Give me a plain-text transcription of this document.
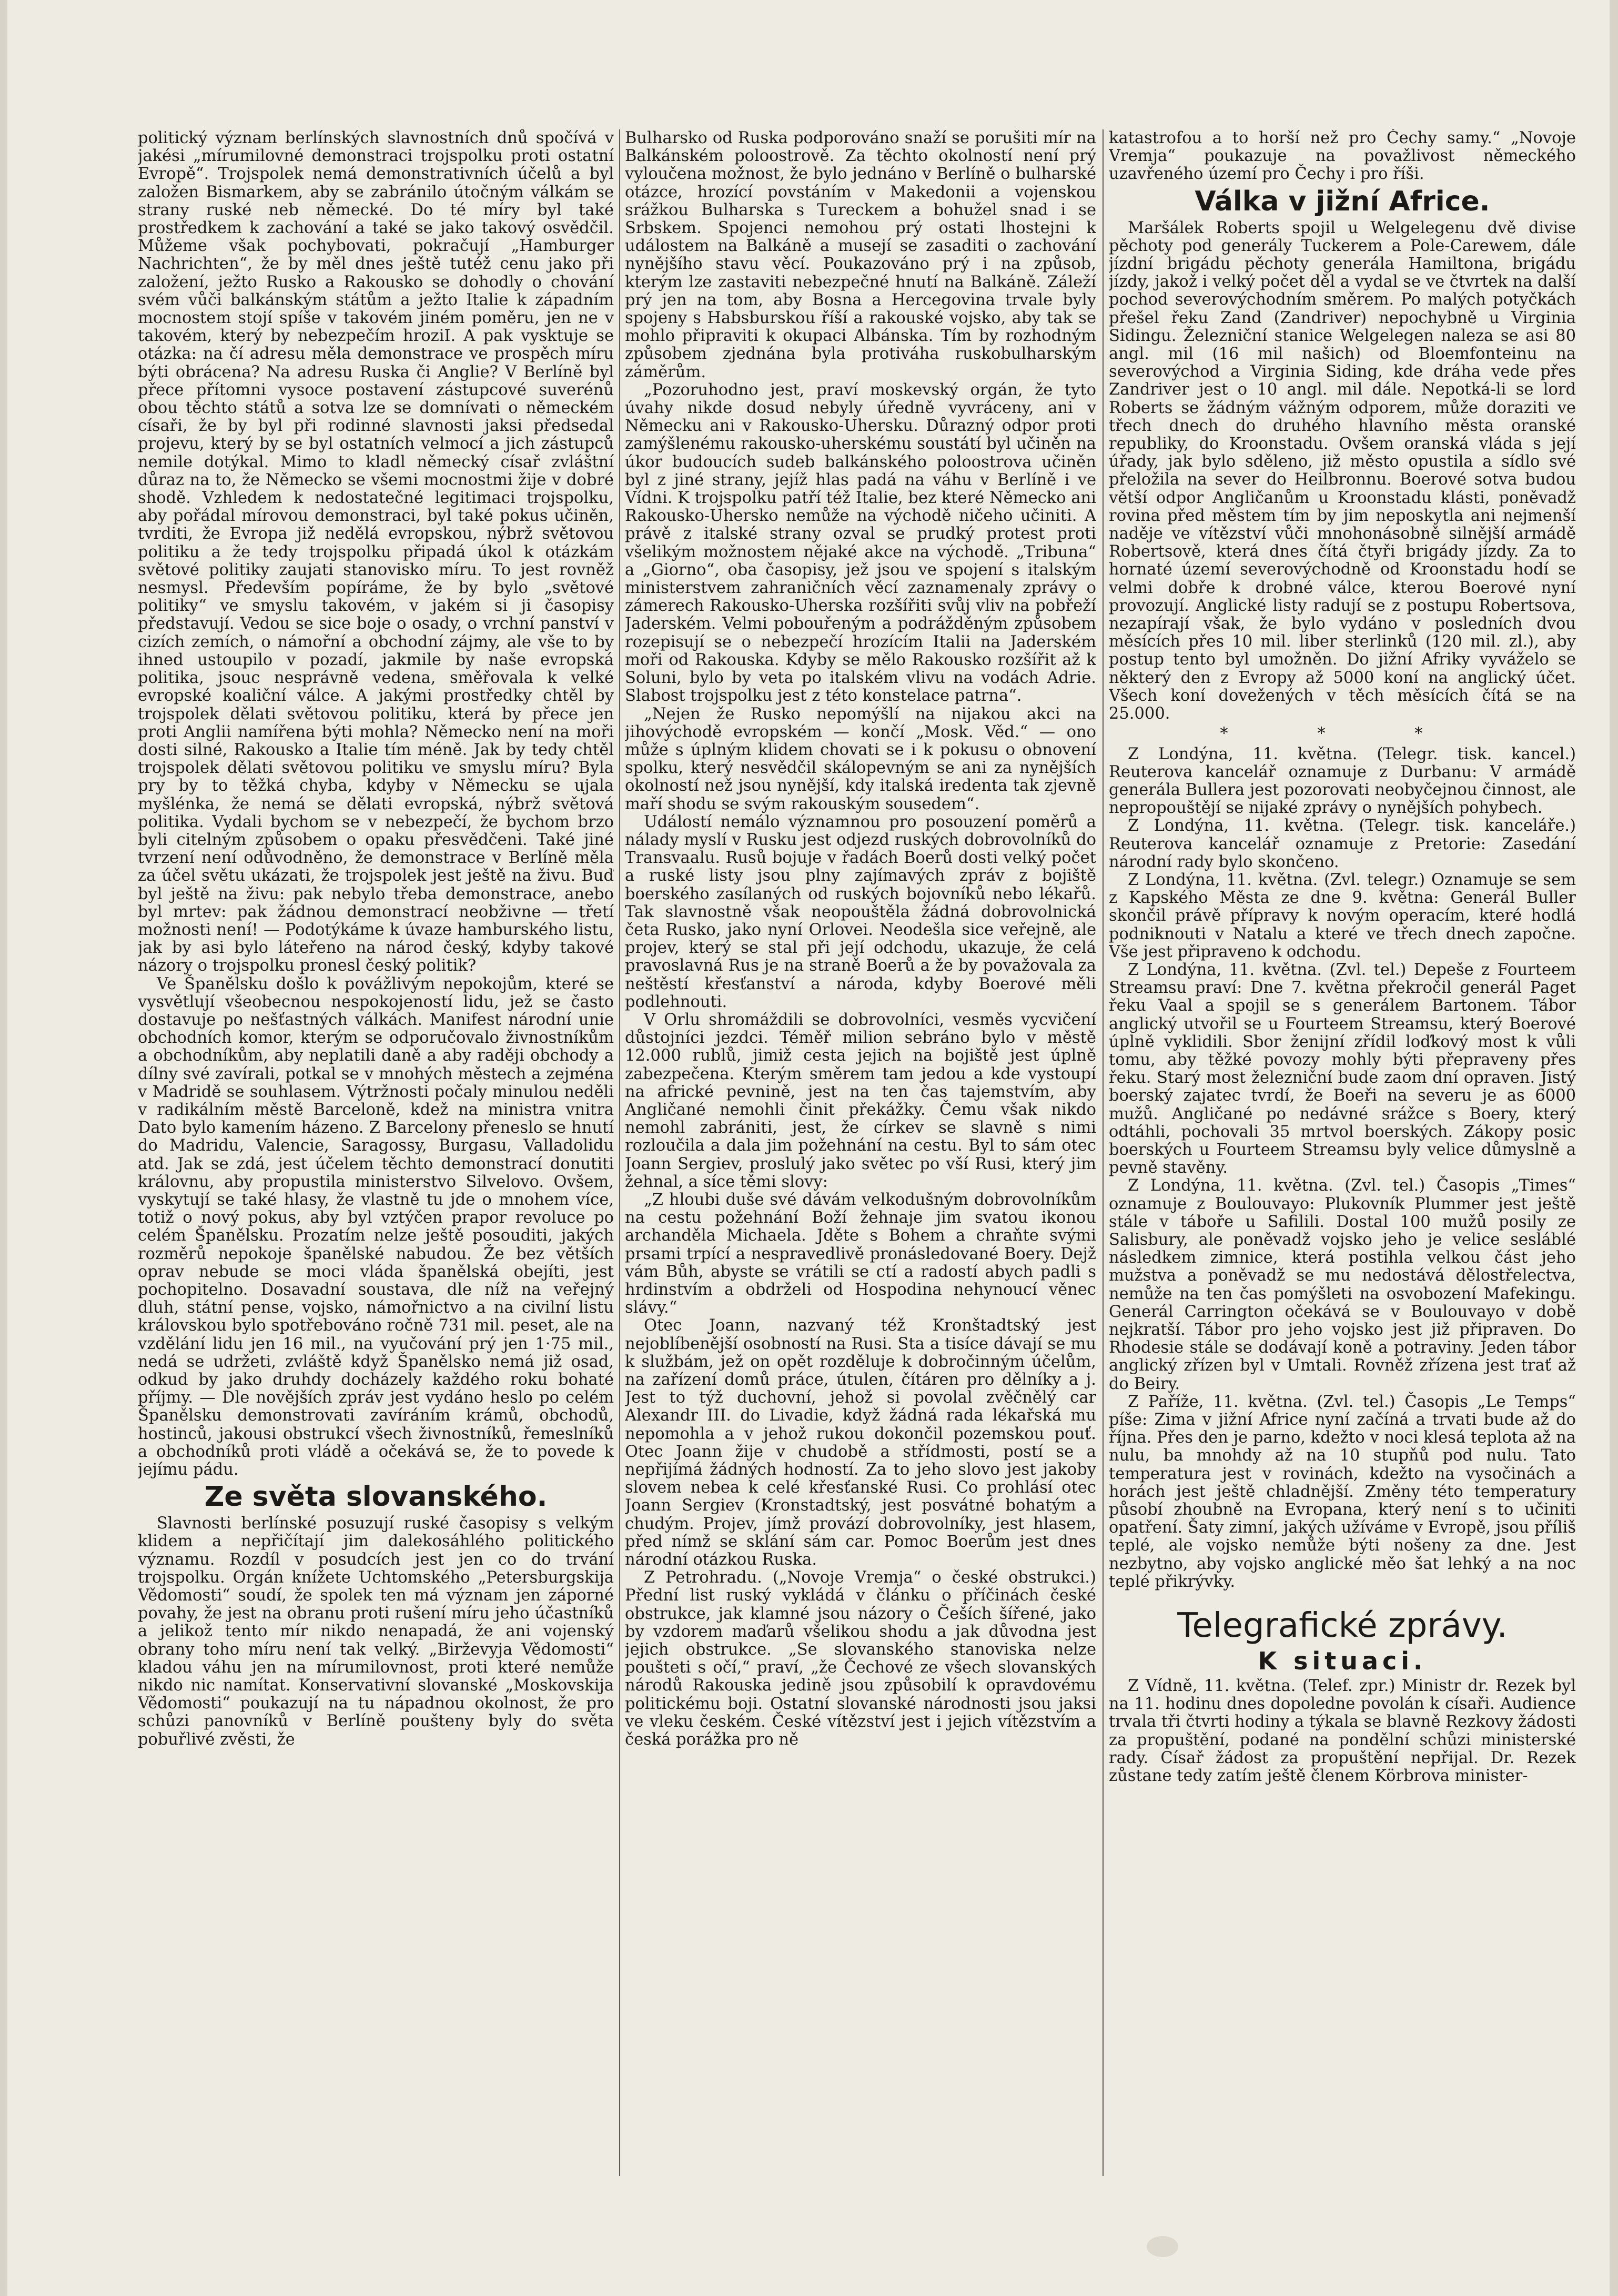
politický význam berlínských slavnostních dnů spočívá v jakési „mírumilovné demonstraci trojspolku proti ostatní Evropě“. Trojspolek nemá demonstrativních účelů a byl založen Bismarkem, aby se zabránilo útočným válkám se strany ruské neb německé. Do té míry byl také prostředkem k zachování a také se jako takový osvědčil. Můžeme však pochybovati, pokračují „Hamburger Nachrichten“, že by měl dnes ještě tutéž cenu jako při založení, ježto Rusko a Rakousko se dohodly o chování svém vůči balkánským státům a ježto Italie k západním mocnostem stojí spíše v takovém jiném poměru, jen ne v takovém, který by nebezpečím hroziI. A pak vysktuje se otázka: na čí adresu měla demonstrace ve prospěch míru býti obrácena? Na adresu Ruska či Anglie? V Berlíně byl přece přítomni vysoce postavení zástupcové suverénů obou těchto států a sotva lze se domnívati o německém císaři, že by byl při rodinné slavnosti jaksi předsedal projevu, který by se byl ostatních velmocí a jich zástupců nemile dotýkal. Mimo to kladl německý císař zvláštní důraz na to, že Německo se všemi mocnostmi žije v dobré shodě. Vzhledem k nedostatečné legitimaci trojspolku, aby pořádal mírovou demonstraci, byl také pokus učiněn, tvrditi, že Evropa již nedělá evropskou, nýbrž světovou politiku a že tedy trojspolku připadá úkol k otázkám světové politiky zaujati stanovisko míru. To jest rovněž nesmysl. Především popíráme, že by bylo „světové politiky“ ve smyslu takovém, v jakém si ji časopisy představují. Vedou se sice boje o osady, o vrchní panství v cizích zemích, o námořní a obchodní zájmy, ale vše to by ihned ustoupilo v pozadí, jakmile by naše evropská politika, jsouc nesprávně vedena, směřovala k velké evropské koaliční válce. A jakými prostředky chtěl by trojspolek dělati světovou politiku, která by přece jen proti Anglii namířena býti mohla? Německo není na moři dosti silné, Rakousko a Italie tím méně. Jak by tedy chtěl trojspolek dělati světovou politiku ve smyslu míru? Byla pry by to těžká chyba, kdyby v Německu se ujala myšlénka, že nemá se dělati evropská, nýbrž světová politika. Vydali bychom se v nebezpečí, že bychom brzo byli citelným způsobem o opaku přesvědčeni. Také jiné tvrzení není odůvodněno, že demonstrace v Berlíně měla za účel světu ukázati, že trojspolek jest ještě na živu. Buď byl ještě na živu: pak nebylo třeba demonstrace, anebo byl mrtev: pak žádnou demonstrací neobživne — třetí možnosti není! — Podotýkáme k úvaze hamburského listu, jak by asi bylo láteřeno na národ český, kdyby takové názory o trojspolku pronesl český politik?

Ve Španělsku došlo k povážlivým nepokojům, které se vysvětlují všeobecnou nespokojeností lidu, jež se často dostavuje po nešťastných válkách. Manifest národní unie obchodních komor, kterým se odporučovalo živnostníkům a obchodníkům, aby neplatili daně a aby raději obchody a dílny své zavírali, potkal se v mnohých městech a zejména v Madridě se souhlasem. Výtržnosti počaly minulou neděli v radikálním městě Barceloně, kdež na ministra vnitra Dato bylo kamením házeno. Z Barcelony přeneslo se hnutí do Madridu, Valencie, Saragossy, Burgasu, Valladolidu atd. Jak se zdá, jest účelem těchto demonstrací donutiti královnu, aby propustila ministerstvo Silvelovo. Ovšem, vyskytují se také hlasy, že vlastně tu jde o mnohem více, totiž o nový pokus, aby byl vztýčen prapor revoluce po celém Španělsku. Prozatím nelze ještě posouditi, jakých rozměrů nepokoje španělské nabudou. Že bez větších oprav nebude se moci vláda španělská obejíti, jest pochopitelno. Dosavadní soustava, dle níž na veřejný dluh, státní pense, vojsko, námořnictvo a na civilní listu královskou bylo spotřebováno ročně 731 mil. peset, ale na vzdělání lidu jen 16 mil., na vyučování prý jen 1·75 mil., nedá se udržeti, zvláště když Španělsko nemá již osad, odkud by jako druhdy docházely každého roku bohaté příjmy. — Dle novějších zpráv jest vydáno heslo po celém Španělsku demonstrovati zavíráním krámů, obchodů, hostinců, jakousi obstrukcí všech živnostníků, řemeslníků a obchodníků proti vládě a očekává se, že to povede k jejímu pádu.

Ze světa slovanského.

Slavnosti berlínské posuzují ruské časopisy s velkým klidem a nepřičítají jim dalekosáhlého politického významu. Rozdíl v posudcích jest jen co do trvání trojspolku. Orgán knížete Uchtomského „Petersburgskija Vědomosti“ soudí, že spolek ten má význam jen záporné povahy, že jest na obranu proti rušení míru jeho účastníků a jelikož tento mír nikdo nenapadá, že ani vojenský obrany toho míru není tak velký. „Birževyja Vědomosti“ kladou váhu jen na mírumilovnost, proti které nemůže nikdo nic namítat. Konservativní slovanské „Moskovskija Vědomosti“ poukazují na tu nápadnou okolnost, že pro schůzi panovníků v Berlíně poušteny byly do světa pobuřlivé zvěsti, že

Bulharsko od Ruska podporováno snaží se porušiti mír na Balkánském poloostrově. Za těchto okolností není prý vyloučena možnost, že bylo jednáno v Berlíně o bulharské otázce, hrozící povstáním v Makedonii a vojenskou srážkou Bulharska s Tureckem a bohužel snad i se Srbskem. Spojenci nemohou prý ostati lhostejni k událostem na Balkáně a musejí se zasaditi o zachování nynějšího stavu věcí. Poukazováno prý i na způsob, kterým lze zastaviti nebezpečné hnutí na Balkáně. Záleží prý jen na tom, aby Bosna a Hercegovina trvale byly spojeny s Habsburskou říší a rakouské vojsko, aby tak se mohlo připraviti k okupaci Albánska. Tím by rozhodným způsobem zjednána byla protiváha ruskobulharským záměrům.

„Pozoruhodno jest, praví moskevský orgán, že tyto úvahy nikde dosud nebyly úředně vyvráceny, ani v Německu ani v Rakousko-Uhersku. Důrazný odpor proti zamýšlenému rakousko-uherskému soustátí byl učiněn na úkor budoucích sudeb balkánského poloostrova učiněn byl z jiné strany, jejíž hlas padá na váhu v Berlíně i ve Vídni. K trojspolku patří též Italie, bez které Německo ani Rakousko-Uhersko nemůže na východě ničeho učiniti. A právě z italské strany ozval se prudký protest proti všelikým možnostem nějaké akce na východě. „Tribuna“ a „Giorno“, oba časopisy, jež jsou ve spojení s italským ministerstvem zahraničních věcí zaznamenaly zprávy o zámerech Rakousko-Uherska rozšířiti svůj vliv na pobřeží Jaderském. Velmi pobouřeným a podrážděným způsobem rozepisují se o nebezpečí hrozícím Italii na Jaderském moři od Rakouska. Kdyby se mělo Rakousko rozšířit až k Soluni, bylo by veta po italském vlivu na vodách Adrie. Slabost trojspolku jest z této konstelace patrna“.

„Nejen že Rusko nepomýšlí na nijakou akci na jihovýchodě evropském — končí „Mosk. Věd.“ — ono může s úplným klidem chovati se i k pokusu o obnovení spolku, který nesvědčil skálopevným se ani za nynějších okolností než jsou nynější, kdy italská iredenta tak zjevně maří shodu se svým rakouským sousedem“.

Událostí nemálo významnou pro posouzení poměrů a nálady myslí v Rusku jest odjezd ruských dobrovolníků do Transvaalu. Rusů bojuje v řadách Boerů dosti velký počet a ruské listy jsou plny zajímavých zpráv z bojiště boerského zasílaných od ruských bojovníků nebo lékařů. Tak slavnostně však neopouštěla žádná dobrovolnická četa Rusko, jako nyní Orlovei. Neodešla sice veřejně, ale projev, který se stal při její odchodu, ukazuje, že celá pravoslavná Rus je na straně Boerů a že by považovala za neštěstí křesťanství a národa, kdyby Boerové měli podlehnouti.

V Orlu shromáždili se dobrovolníci, vesměs vycvičení důstojníci jezdci. Téměř milion sebráno bylo v městě 12.000 rublů, jimiž cesta jejich na bojiště jest úplně zabezpečena. Kterým směrem tam jedou a kde vystoupí na africké pevnině, jest na ten čas tajemstvím, aby Angličané nemohli činit překážky. Čemu však nikdo nemohl zabrániti, jest, že církev se slavně s nimi rozloučila a dala jim požehnání na cestu. Byl to sám otec Joann Sergiev, proslulý jako světec po vší Rusi, který jim žehnal, a síce těmi slovy:

„Z hloubi duše své dávám velkodušným dobrovolníkům na cestu požehnání Boží žehnaje jim svatou ikonou archanděla Michaela. Jděte s Bohem a chraňte svými prsami trpící a nespravedlivě pronásledované Boery. Dejž vám Bůh, abyste se vrátili se ctí a radostí abych padli s hrdinstvím a obdrželi od Hospodina nehynoucí věnec slávy.“

Otec Joann, nazvaný též Kronštadtský jest nejoblíbenější osobností na Rusi. Sta a tisíce dávají se mu k službám, jež on opět rozděluje k dobročinným účelům, na zařízení domů práce, útulen, čítáren pro dělníky a j. Jest to týž duchovní, jehož si povolal zvěčnělý car Alexandr III. do Livadie, když žádná rada lékařská mu nepomohla a v jehož rukou dokončil pozemskou pouť. Otec Joann žije v chudobě a střídmosti, postí se a nepřijímá žádných hodností. Za to jeho slovo jest jakoby slovem nebea k celé křesťanské Rusi. Co prohlásí otec Joann Sergiev (Kronstadtský, jest posvátné bohatým a chudým. Projev, jímž provází dobrovolníky, jest hlasem, před nímž se sklání sám car. Pomoc Boerům jest dnes národní otázkou Ruska.

Z Petrohradu. („Novoje Vremja“ o české obstrukci.) Přední list ruský vykládá v článku o příčinách české obstrukce, jak klamné jsou názory o Češích šířené, jako by vzdorem maďarů všelikou shodu a jak důvodna jest jejich obstrukce. „Se slovanského stanoviska nelze poušteti s očí,“ praví, „že Čechové ze všech slovanských národů Rakouska jedině jsou způsobilí k opravdovému politickému boji. Ostatní slovanské národnosti jsou jaksi ve vleku českém. České vítězství jest i jejich vítězstvím a česká porážka pro ně

katastrofou a to horší než pro Čechy samy.“ „Novoje Vremja“ poukazuje na považlivost německého uzavřeného území pro Čechy i pro říši.

Válka v jižní Africe.

Maršálek Roberts spojil u Welgelegenu dvě divise pěchoty pod generály Tuckerem a Pole-Carewem, dále jízdní brigádu pěchoty generála Hamiltona, brigádu jízdy, jakož i velký počet děl a vydal se ve čtvrtek na další pochod severovýchodním směrem. Po malých potyčkách přešel řeku Zand (Zandriver) nepochybně u Virginia Sidingu. Železniční stanice Welgelegen naleza se asi 80 angl. mil (16 mil našich) od Bloemfonteinu na severovýchod a Virginia Siding, kde dráha vede přes Zandriver jest o 10 angl. mil dále. Nepotká-li se lord Roberts se žádným vážným odporem, může doraziti ve třech dnech do druhého hlavního města oranské republiky, do Kroonstadu. Ovšem oranská vláda s její úřady, jak bylo sděleno, již město opustila a sídlo své přeložila na sever do Heilbronnu. Boerové sotva budou větší odpor Angličanům u Kroonstadu klásti, poněvadž rovina před městem tím by jim neposkytla ani nejmenší naděje ve vítězství vůči mnohonásobně silnější armádě Robertsově, která dnes čítá čtyři brigády jízdy. Za to hornaté území severovýchodně od Kroonstadu hodí se velmi dobře k drobné válce, kterou Boerové nyní provozují. Anglické listy radují se z postupu Robertsova, nezapírají však, že bylo vydáno v posledních dvou měsících přes 10 mil. liber sterlinků (120 mil. zl.), aby postup tento byl umožněn. Do jižní Afriky vyváželo se některý den z Evropy až 5000 koní na anglický účet. Všech koní dovežených v těch měsících čítá se na 25.000.

* * *

Z Londýna, 11. května. (Telegr. tisk. kancel.) Reuterova kancelář oznamuje z Durbanu: V armádě generála Bullera jest pozorovati neobyčejnou činnost, ale nepropouštějí se nijaké zprávy o nynějších pohybech.

Z Londýna, 11. května. (Telegr. tisk. kanceláře.) Reuterova kancelář oznamuje z Pretorie: Zasedání národní rady bylo skončeno.

Z Londýna, 11. května. (Zvl. telegr.) Oznamuje se sem z Kapského Města ze dne 9. května: Generál Buller skončil právě přípravy k novým operacím, které hodlá podniknouti v Natalu a které ve třech dnech započne. Vše jest připraveno k odchodu.

Z Londýna, 11. května. (Zvl. tel.) Depeše z Fourteem Streamsu praví: Dne 7. května překročil generál Paget řeku Vaal a spojil se s generálem Bartonem. Tábor anglický utvořil se u Fourteem Streamsu, který Boerové úplně vyklidili. Sbor ženijní zřídil loďkový most k vůli tomu, aby těžké povozy mohly býti přepraveny přes řeku. Starý most železniční bude zaom dní opraven. Jistý boerský zajatec tvrdí, že Boeři na severu je as 6000 mužů. Angličané po nedávné srážce s Boery, který odtáhli, pochovali 35 mrtvol boerských. Zákopy posic boerských u Fourteem Streamsu byly velice důmyslně a pevně stavěny.

Z Londýna, 11. května. (Zvl. tel.) Časopis „Times“ oznamuje z Boulouvayo: Plukovník Plummer jest ještě stále v táboře u Safilili. Dostal 100 mužů posily ze Salisbury, ale poněvadž vojsko jeho je velice sesláblé následkem zimnice, která postihla velkou část jeho mužstva a poněvadž se mu nedostává dělostřelectva, nemůže na ten čas pomýšleti na osvobození Mafekingu. Generál Carrington očekává se v Boulouvayo v době nejkratší. Tábor pro jeho vojsko jest již připraven. Do Rhodesie stále se dodávají koně a potraviny. Jeden tábor anglický zřízen byl v Umtali. Rovněž zřízena jest trať až do Beiry.

Z Paříže, 11. května. (Zvl. tel.) Časopis „Le Temps“ píše: Zima v jižní Africe nyní začíná a trvati bude až do října. Přes den je parno, kdežto v noci klesá teplota až na nulu, ba mnohdy až na 10 stupňů pod nulu. Tato temperatura jest v rovinách, kdežto na vysočinách a horách jest ještě chladnější. Změny této temperatury působí zhoubně na Evropana, který není s to učiniti opatření. Šaty zimní, jakých užíváme v Evropě, jsou příliš teplé, ale vojsko nemůže býti nošeny za dne. Jest nezbytno, aby vojsko anglické měo šat lehký a na noc teplé přikrývky.

Telegrafické zprávy.
K situaci.

Z Vídně, 11. května. (Telef. zpr.) Ministr dr. Rezek byl na 11. hodinu dnes dopoledne povolán k císaři. Audience trvala tři čtvrti hodiny a týkala se blavně Rezkovy žádosti za propuštění, podané na pondělní schůzi ministerské rady. Císař žádost za propuštění nepřijal. Dr. Rezek zůstane tedy zatím ještě členem Körbrova minister-
